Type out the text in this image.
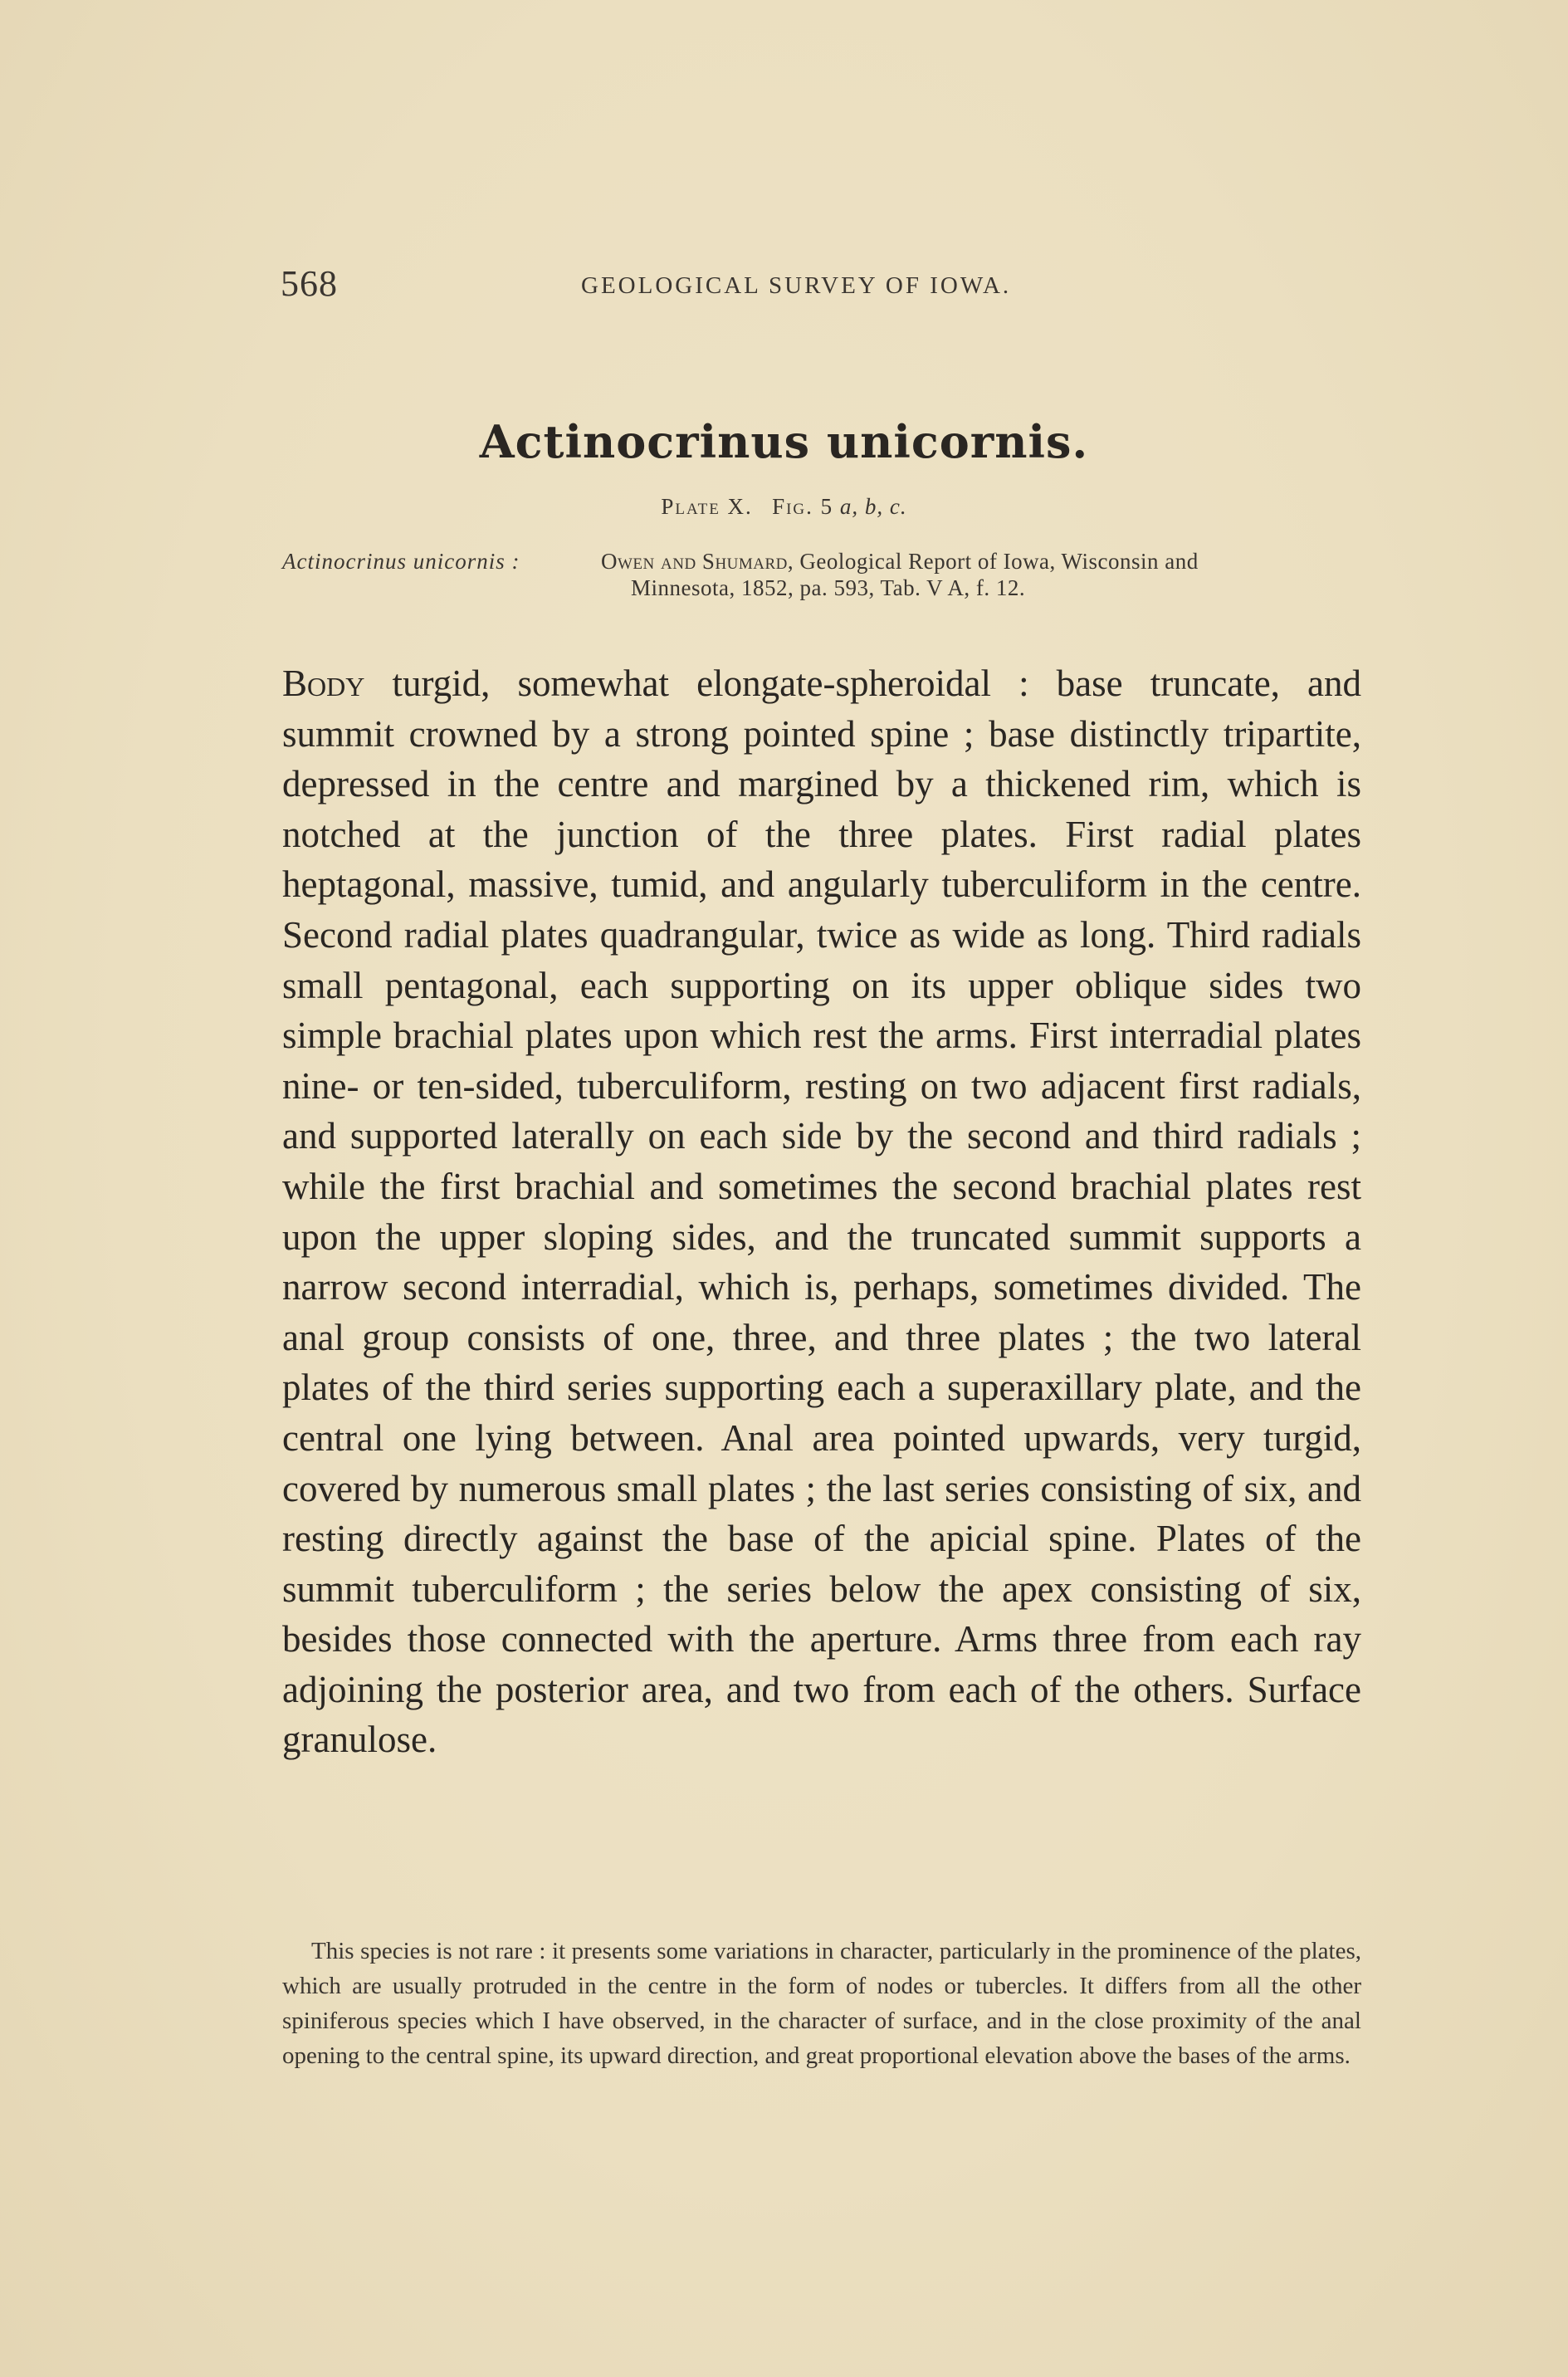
568	GEOLOGICAL SURVEY OF IOWA.
Actinocrinus unicornis.
Plate X. Fig. 5 a, b, c.
Actinocrinus unicornis :	Owen and Shumard, Geological Report of Iowa, Wisconsin and
Minnesota, 1852, pa. 593, Tab. V A, f. 12.

Body turgid, somewhat elongate-spheroidal : base truncate, and summit crowned by a strong pointed spine ; base distinctly tripartite, depressed in the centre and margined by a thickened rim, which is notched at the junction of the three plates. First radial plates heptagonal, massive, tumid, and angularly tuberculiform in the centre. Second radial plates quadrangular, twice as wide as long. Third radials small pentagonal, each supporting on its upper oblique sides two simple brachial plates upon which rest the arms. First interradial plates nine- or ten-sided, tuberculiform, resting on two adjacent first radials, and supported laterally on each side by the second and third radials ; while the first brachial and sometimes the second brachial plates rest upon the upper sloping sides, and the truncated summit supports a narrow second interradial, which is, perhaps, sometimes divided. The anal group consists of one, three, and three plates ; the two lateral plates of the third series supporting each a superaxillary plate, and the central one lying between. Anal area pointed upwards, very turgid, covered by numerous small plates ; the last series consisting of six, and resting directly against the base of the apicial spine. Plates of the summit tuberculiform ; the series below the apex consisting of six, besides those connected with the aperture. Arms three from each ray adjoining the posterior area, and two from each of the others. Surface granulose.

This species is not rare : it presents some variations in character, particularly in the prominence of the plates, which are usually protruded in the centre in the form of nodes or tubercles. It differs from all the other spiniferous species which I have observed, in the character of surface, and in the close proximity of the anal opening to the central spine, its upward direction, and great proportional elevation above the bases of the arms.
